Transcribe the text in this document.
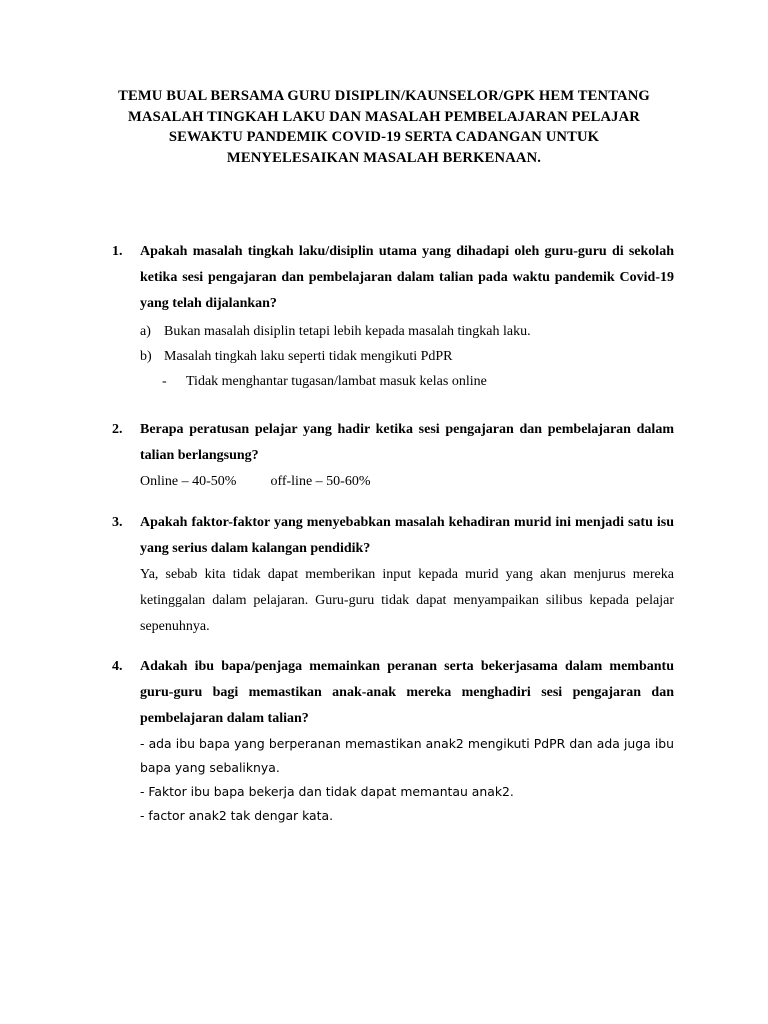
TEMU BUAL BERSAMA GURU DISIPLIN/KAUNSELOR/GPK HEM TENTANG
MASALAH TINGKAH LAKU DAN MASALAH PEMBELAJARAN PELAJAR
SEWAKTU PANDEMIK COVID-19 SERTA CADANGAN UNTUK
MENYELESAIKAN MASALAH BERKENAAN.
1.	Apakah masalah tingkah laku/disiplin utama yang dihadapi oleh guru-guru di sekolah ketika sesi pengajaran dan pembelajaran dalam talian pada waktu pandemik Covid-19 yang telah dijalankan?

a) Bukan masalah disiplin tetapi lebih kepada masalah tingkah laku.

b) Masalah tingkah laku seperti tidak mengikuti PdPR

- Tidak menghantar tugasan/lambat masuk kelas online

2.	Berapa peratusan pelajar yang hadir ketika sesi pengajaran dan pembelajaran dalam talian berlangsung?

Online – 40-50% off-line – 50-60%

3.	Apakah faktor-faktor yang menyebabkan masalah kehadiran murid ini menjadi satu isu yang serius dalam kalangan pendidik?

Ya, sebab kita tidak dapat memberikan input kepada murid yang akan menjurus mereka ketinggalan dalam pelajaran. Guru-guru tidak dapat menyampaikan silibus kepada pelajar sepenuhnya.

4.	Adakah ibu bapa/penjaga memainkan peranan serta bekerjasama dalam membantu guru-guru bagi memastikan anak-anak mereka menghadiri sesi pengajaran dan pembelajaran dalam talian?

- ada ibu bapa yang berperanan memastikan anak2 mengikuti PdPR dan ada juga ibu bapa yang sebaliknya.

- Faktor ibu bapa bekerja dan tidak dapat memantau anak2.

- factor anak2 tak dengar kata.
